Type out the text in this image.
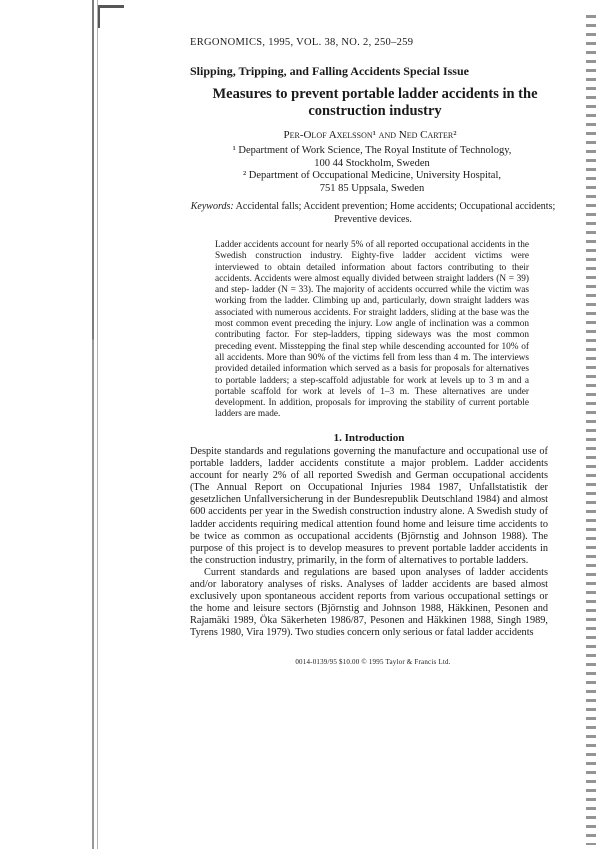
ERGONOMICS, 1995, VOL. 38, NO. 2, 250–259
Slipping, Tripping, and Falling Accidents Special Issue
Measures to prevent portable ladder accidents in the construction industry
Per-Olof Axelsson¹ and Ned Carter²
¹ Department of Work Science, The Royal Institute of Technology,
100 44 Stockholm, Sweden
² Department of Occupational Medicine, University Hospital,
751 85 Uppsala, Sweden
Keywords: Accidental falls; Accident prevention; Home accidents; Occupational accidents; Preventive devices.
Ladder accidents account for nearly 5% of all reported occupational accidents in the Swedish construction industry. Eighty-five ladder accident victims were interviewed to obtain detailed information about factors contributing to their accidents. Accidents were almost equally divided between straight ladders (N = 39) and step- ladder (N = 33). The majority of accidents occurred while the victim was working from the ladder. Climbing up and, particularly, down straight ladders was associated with numerous accidents. For straight ladders, sliding at the base was the most common event preceding the injury. Low angle of inclination was a common contributing factor. For step-ladders, tipping sideways was the most common preceding event. Misstepping the final step while descending accounted for 10% of all accidents. More than 90% of the victims fell from less than 4 m. The interviews provided detailed information which served as a basis for proposals for alternatives to portable ladders; a step-scaffold adjustable for work at levels up to 3 m and a portable scaffold for work at levels of 1–3 m. These alternatives are under development. In addition, proposals for improving the stability of current portable ladders are made.
1. Introduction

Despite standards and regulations governing the manufacture and occupational use of portable ladders, ladder accidents constitute a major problem. Ladder accidents account for nearly 2% of all reported Swedish and German occupational accidents (The Annual Report on Occupational Injuries 1984 1987, Unfallstatistik der gesetzlichen Unfallversicherung in der Bundesrepublik Deutschland 1984) and almost 600 accidents per year in the Swedish construction industry alone. A Swedish study of ladder accidents requiring medical attention found home and leisure time accidents to be twice as common as occupational accidents (Björnstig and Johnson 1988). The purpose of this project is to develop measures to prevent portable ladder accidents in the construction industry, primarily, in the form of alternatives to portable ladders.

Current standards and regulations are based upon analyses of ladder accidents and/or laboratory analyses of risks. Analyses of ladder accidents are based almost exclusively upon spontaneous accident reports from various occupational settings or the home and leisure sectors (Björnstig and Johnson 1988, Häkkinen, Pesonen and Rajamäki 1989, Öka Säkerheten 1986/87, Pesonen and Häkkinen 1988, Singh 1989, Tyrens 1980, Vira 1979). Two studies concern only serious or fatal ladder accidents

0014-0139/95 $10.00 © 1995 Taylor & Francis Ltd.
